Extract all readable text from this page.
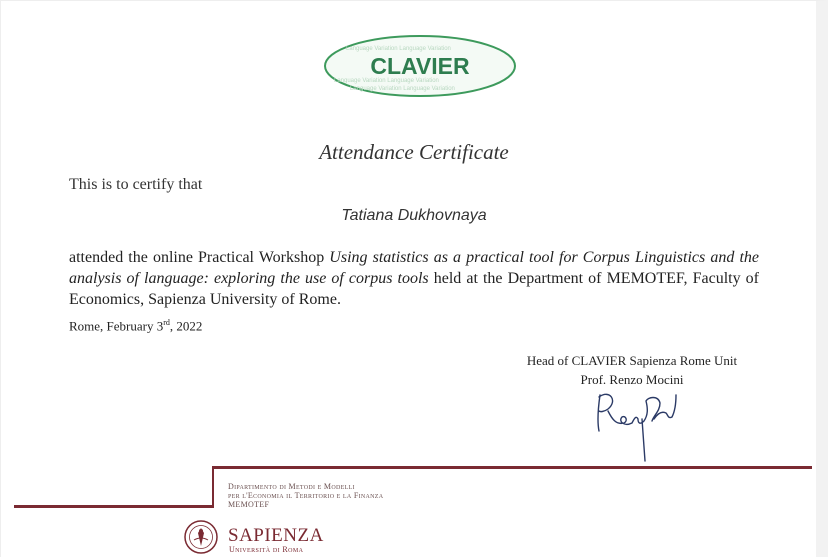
Language Variation Language Variation
Language Variation Language Variation
Language Variation Language Variation
CLAVIER
Attendance Certificate
This is to certify that
Tatiana Dukhovnaya
attended the online Practical Workshop Using statistics as a practical tool for Corpus Linguistics and the analysis of language: exploring the use of corpus tools held at the Department of MEMOTEF, Faculty of Economics, Sapienza University of Rome.
Rome, February 3rd, 2022
Head of CLAVIER Sapienza Rome Unit
Prof. Renzo Mocini
Dipartimento di Metodi e Modelli
per l'Economia il Territorio e la Finanza
MEMOTEF
SAPIENZA
Università di Roma
